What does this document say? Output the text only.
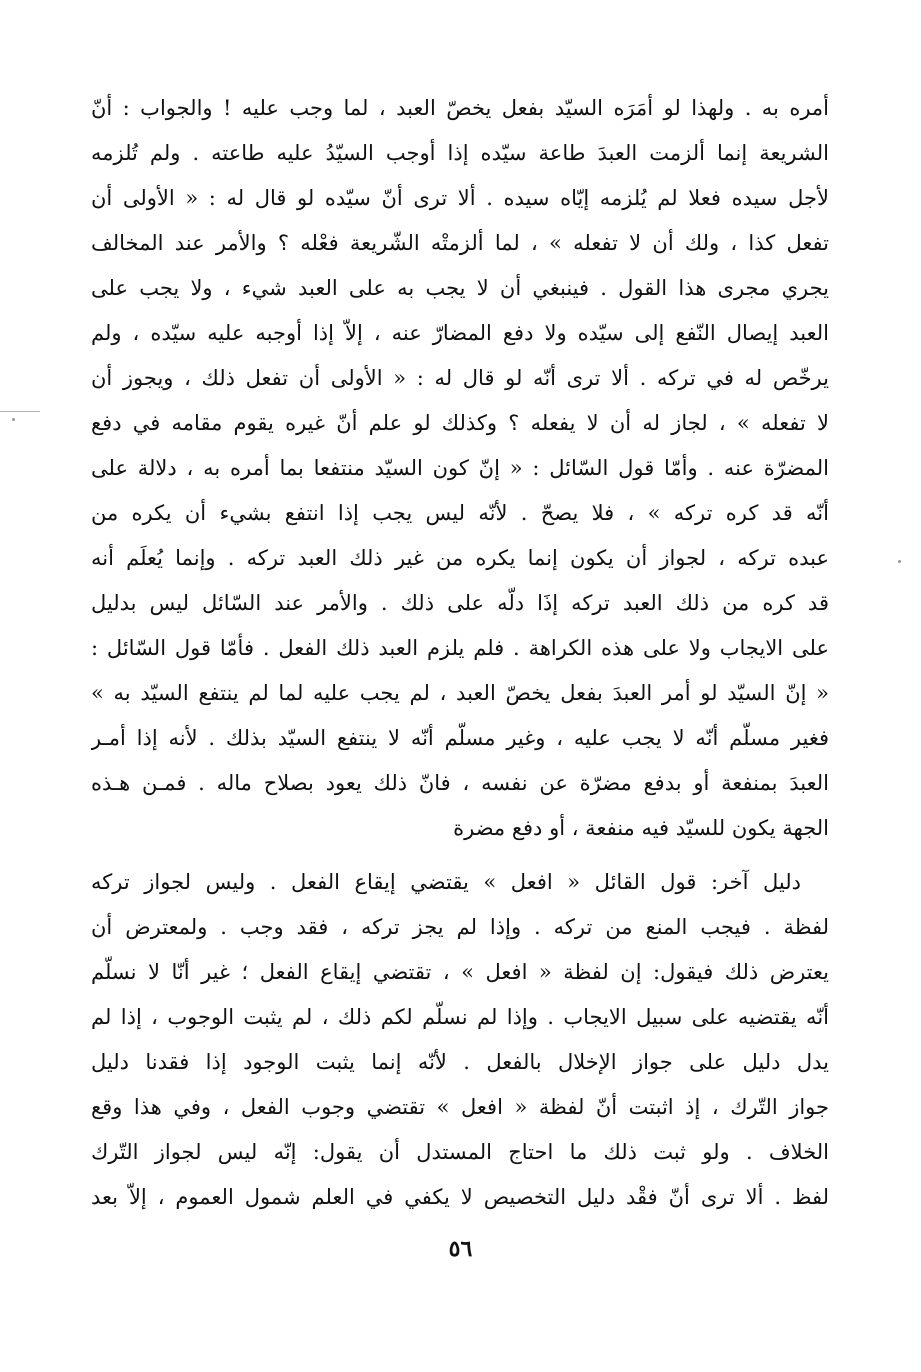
أمره به . ولهذا لو أمَرَه السيّد بفعل يخصّ العبد ، لما وجب عليه ! والجواب : أنّ
الشريعة إنما ألزمت العبدَ طاعة سيّده إذا أوجب السيّدُ عليه طاعته . ولم تُلزمه
لأجل سيده فعلا لم يُلزمه إيّاه سيده . ألا ترى أنّ سيّده لو قال له : « الأولى أن
تفعل كذا ، ولك أن لا تفعله » ، لما ألزمتْه الشّريعة فعْله ؟ والأمر عند المخالف
يجري مجرى هذا القول . فينبغي أن لا يجب به على العبد شيء ، ولا يجب على
العبد إيصال النّفع إلى سيّده ولا دفع المضارّ عنه ، إلاّ إذا أوجبه عليه سيّده ، ولم
يرخّص له في تركه . ألا ترى أنّه لو قال له : « الأولى أن تفعل ذلك ، ويجوز أن
لا تفعله » ، لجاز له أن لا يفعله ؟ وكذلك لو علم أنّ غيره يقوم مقامه في دفع
المضرّة عنه . وأمّا قول السّائل : « إنّ كون السيّد منتفعا بما أمره به ، دلالة على
أنّه قد كره تركه » ، فلا يصحّ . لأنّه ليس يجب إذا انتفع بشيء أن يكره من
عبده تركه ، لجواز أن يكون إنما يكره من غير ذلك العبد تركه . وإنما يُعلَم أنه
قد كره من ذلك العبد تركه إذَا دلّه على ذلك . والأمر عند السّائل ليس بدليل
على الايجاب ولا على هذه الكراهة . فلم يلزم العبد ذلك الفعل . فأمّا قول السّائل :
« إنّ السيّد لو أمر العبدَ بفعل يخصّ العبد ، لم يجب عليه لما لم ينتفع السيّد به »
فغير مسلّم أنّه لا يجب عليه ، وغير مسلّم أنّه لا ينتفع السيّد بذلك . لأنه إذا أمـر
العبدَ بمنفعة أو بدفع مضرّة عن نفسه ، فانّ ذلك يعود بصلاح ماله . فمـن هـذه
الجهة يكون للسيّد فيه منفعة ، أو دفع مضرة
دليل آخر: قول القائل « افعل » يقتضي إيقاع الفعل . وليس لجواز تركه
لفظة . فيجب المنع من تركه . وإذا لم يجز تركه ، فقد وجب . ولمعترض أن
يعترض ذلك فيقول: إن لفظة « افعل » ، تقتضي إيقاع الفعل ؛ غير أنّا لا نسلّم
أنّه يقتضيه على سبيل الايجاب . وإذا لم نسلّم لكم ذلك ، لم يثبت الوجوب ، إذا لم
يدل دليل على جواز الإخلال بالفعل . لأنّه إنما يثبت الوجود إذا فقدنا دليل
جواز التّرك ، إذ اثبتت أنّ لفظة « افعل » تقتضي وجوب الفعل ، وفي هذا وقع
الخلاف . ولو ثبت ذلك ما احتاج المستدل أن يقول: إنّه ليس لجواز التّرك
لفظ . ألا ترى أنّ فقْد دليل التخصيص لا يكفي في العلم شمول العموم ، إلاّ بعد
٥٦
